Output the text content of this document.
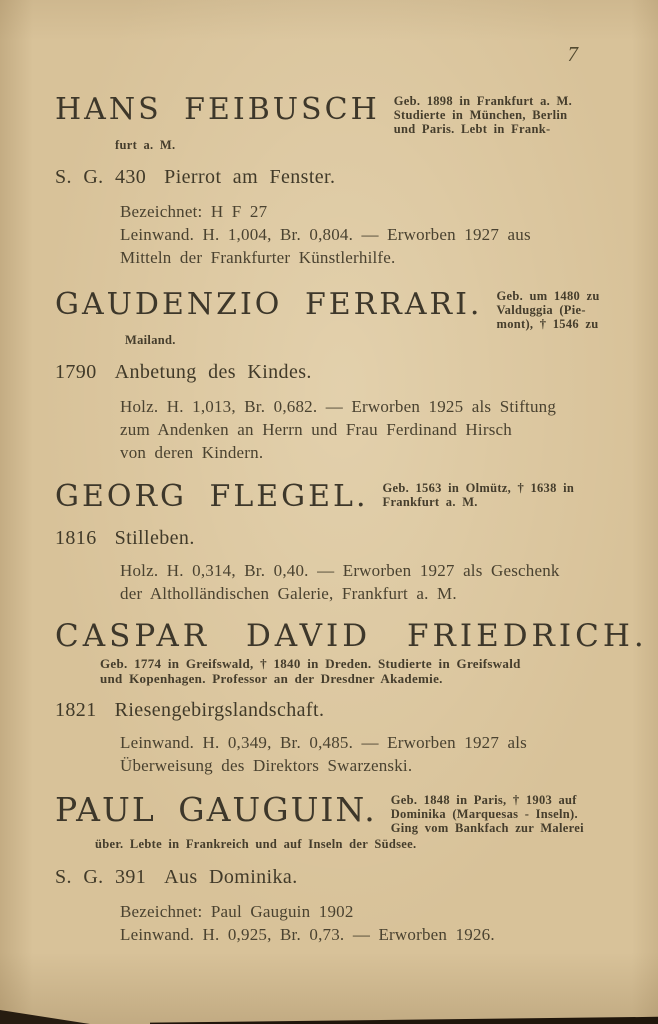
7
HANS FEIBUSCH Geb. 1898 in Frankfurt a. M.
Studierte in München, Berlin
und Paris. Lebt in Frank-
furt a. M.
S. G. 430 Pierrot am Fenster.
Bezeichnet: H F 27
Leinwand. H. 1,004, Br. 0,804. — Erworben 1927 aus
Mitteln der Frankfurter Künstlerhilfe.
GAUDENZIO FERRARI. Geb. um 1480 zu
Valduggia (Pie-
mont), † 1546 zu
Mailand.
1790 Anbetung des Kindes.
Holz. H. 1,013, Br. 0,682. — Erworben 1925 als Stiftung
zum Andenken an Herrn und Frau Ferdinand Hirsch
von deren Kindern.
GEORG FLEGEL. Geb. 1563 in Olmütz, † 1638 in
Frankfurt a. M.
1816 Stilleben.
Holz. H. 0,314, Br. 0,40. — Erworben 1927 als Geschenk
der Altholländischen Galerie, Frankfurt a. M.
CASPAR DAVID FRIEDRICH.
Geb. 1774 in Greifswald, † 1840 in Dreden. Studierte in Greifswald
und Kopenhagen. Professor an der Dresdner Akademie.
1821 Riesengebirgslandschaft.
Leinwand. H. 0,349, Br. 0,485. — Erworben 1927 als
Überweisung des Direktors Swarzenski.
PAUL GAUGUIN. Geb. 1848 in Paris, † 1903 auf
Dominika (Marquesas - Inseln).
Ging vom Bankfach zur Malerei
über. Lebte in Frankreich und auf Inseln der Südsee.
S. G. 391 Aus Dominika.
Bezeichnet: Paul Gauguin 1902
Leinwand. H. 0,925, Br. 0,73. — Erworben 1926.
